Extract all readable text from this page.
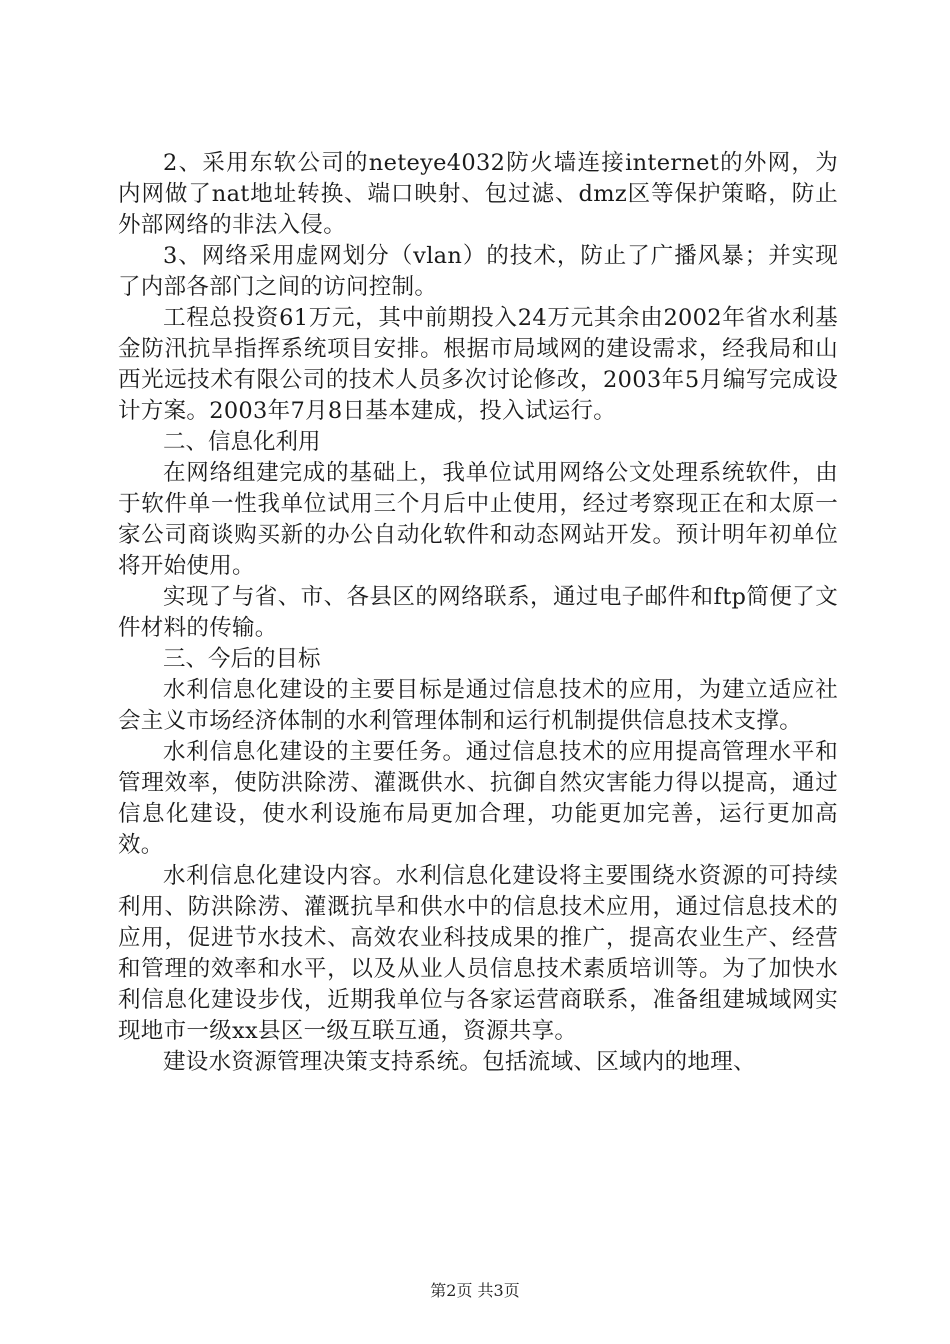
2、采用东软公司的neteye4032防火墙连接internet的外网，为内网做了nat地址转换、端口映射、包过滤、dmz区等保护策略，防止外部网络的非法入侵。

3、网络采用虚网划分（vlan）的技术，防止了广播风暴；并实现了内部各部门之间的访问控制。

工程总投资61万元，其中前期投入24万元其余由2002年省水利基金防汛抗旱指挥系统项目安排。根据市局域网的建设需求，经我局和山西光远技术有限公司的技术人员多次讨论修改，2003年5月编写完成设计方案。2003年7月8日基本建成，投入试运行。

二、信息化利用

在网络组建完成的基础上，我单位试用网络公文处理系统软件，由于软件单一性我单位试用三个月后中止使用，经过考察现正在和太原一家公司商谈购买新的办公自动化软件和动态网站开发。预计明年初单位将开始使用。

实现了与省、市、各县区的网络联系，通过电子邮件和ftp简便了文件材料的传输。

三、今后的目标

水利信息化建设的主要目标是通过信息技术的应用，为建立适应社会主义市场经济体制的水利管理体制和运行机制提供信息技术支撑。

水利信息化建设的主要任务。通过信息技术的应用提高管理水平和管理效率，使防洪除涝、灌溉供水、抗御自然灾害能力得以提高，通过信息化建设，使水利设施布局更加合理，功能更加完善，运行更加高效。

水利信息化建设内容。水利信息化建设将主要围绕水资源的可持续利用、防洪除涝、灌溉抗旱和供水中的信息技术应用，通过信息技术的应用，促进节水技术、高效农业科技成果的推广，提高农业生产、经营和管理的效率和水平，以及从业人员信息技术素质培训等。为了加快水利信息化建设步伐，近期我单位与各家运营商联系，准备组建城域网实现地市一级xx县区一级互联互通，资源共享。

建设水资源管理决策支持系统。包括流域、区域内的地理、

第2页 共3页
